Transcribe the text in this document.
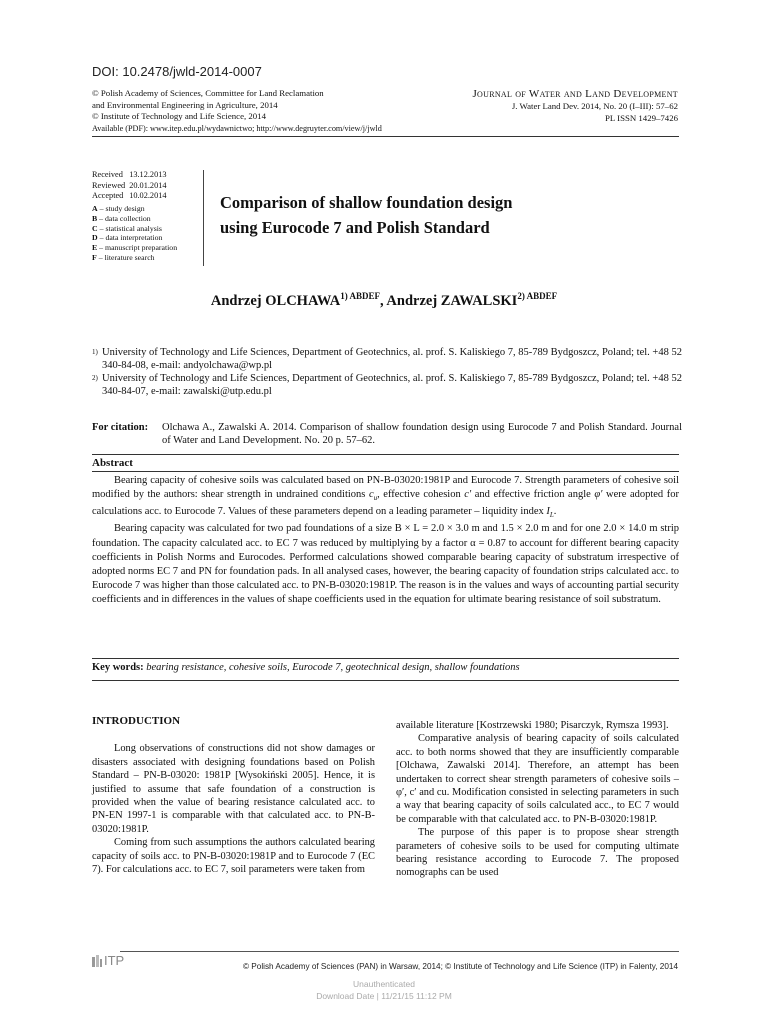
DOI: 10.2478/jwld-2014-0007
© Polish Academy of Sciences, Committee for Land Reclamation
and Environmental Engineering in Agriculture, 2014
© Institute of Technology and Life Science, 2014
Journal of Water and Land Development
J. Water Land Dev. 2014, No. 20 (I–III): 57–62
PL ISSN 1429–7426
Available (PDF): www.itep.edu.pl/wydawnictwo; http://www.degruyter.com/view/j/jwld
Received	13.12.2013
Reviewed	20.01.2014
Accepted	10.02.2014
A – study design
B – data collection
C – statistical analysis
D – data interpretation
E – manuscript preparation
F – literature search
Comparison of shallow foundation design
using Eurocode 7 and Polish Standard
Andrzej $OLCHAWA^{1) ABDEF}$, Andrzej $ZAWALSKI^{2) ABDEF}$
1) University of Technology and Life Sciences, Department of Geotechnics, al. prof. S. Kaliskiego 7, 85-789 Bydgoszcz, Poland; tel. +48 52 340-84-08, e-mail: andyolchawa@wp.pl
2) University of Technology and Life Sciences, Department of Geotechnics, al. prof. S. Kaliskiego 7, 85-789 Bydgoszcz, Poland; tel. +48 52 340-84-07, e-mail: zawalski@utp.edu.pl
For citation:	Olchawa A., Zawalski A. 2014. Comparison of shallow foundation design using Eurocode 7 and Polish Standard. Journal of Water and Land Development. No. 20 p. 57–62.
Abstract

Bearing capacity of cohesive soils was calculated based on PN-B-03020:1981P and Eurocode 7. Strength parameters of cohesive soil modified by the authors: shear strength in undrained conditions $c_u$, effective cohesion c′ and effective friction angle φ′ were adopted for calculations acc. to Eurocode 7. Values of these parameters depend on a leading parameter – liquidity index $I_L$.

Bearing capacity was calculated for two pad foundations of a size B × L = 2.0 × 3.0 m and 1.5 × 2.0 m and for one 2.0 × 14.0 m strip foundation. The capacity calculated acc. to EC 7 was reduced by multiplying by a factor α = 0.87 to account for different bearing capacity coefficients in Polish Norms and Eurocodes. Performed calculations showed comparable bearing capacity of substratum irrespective of adopted norms EC 7 and PN for foundation pads. In all analysed cases, however, the bearing capacity of foundation strips calculated acc. to Eurocode 7 was higher than those calculated acc. to PN-B-03020:1981P. The reason is in the values and ways of accounting partial security coefficients and in differences in the values of shape coefficients used in the equation for ultimate bearing resistance of soil substratum.

Key words: bearing resistance, cohesive soils, Eurocode 7, geotechnical design, shallow foundations

INTRODUCTION

Long observations of constructions did not show damages or disasters associated with designing foundations based on Polish Standard – PN-B-03020: 1981P [Wysokiński 2005]. Hence, it is justified to assume that safe foundation of a construction is provided when the value of bearing resistance calculated acc. to PN-EN 1997-1 is comparable with that calculated acc. to PN-B-03020:1981P.

Coming from such assumptions the authors calculated bearing capacity of soils acc. to PN-B-03020:1981P and to Eurocode 7 (EC 7). For calculations acc. to EC 7, soil parameters were taken from

available literature [Kostrzewski 1980; Pisarczyk, Rymsza 1993].

Comparative analysis of bearing capacity of soils calculated acc. to both norms showed that they are insufficiently comparable [Olchawa, Zawalski 2014]. Therefore, an attempt has been undertaken to correct shear strength parameters of cohesive soils – φ′, c′ and cu. Modification consisted in selecting parameters in such a way that bearing capacity of soils calculated acc., to EC 7 would be comparable with that calculated acc. to PN-B-03020:1981P.

The purpose of this paper is to propose shear strength parameters of cohesive soils to be used for computing ultimate bearing resistance according to Eurocode 7. The proposed nomographs can be used

ITP	© Polish Academy of Sciences (PAN) in Warsaw, 2014; © Institute of Technology and Life Science (ITP) in Falenty, 2014
Unauthenticated
Download Date | 11/21/15 11:12 PM
